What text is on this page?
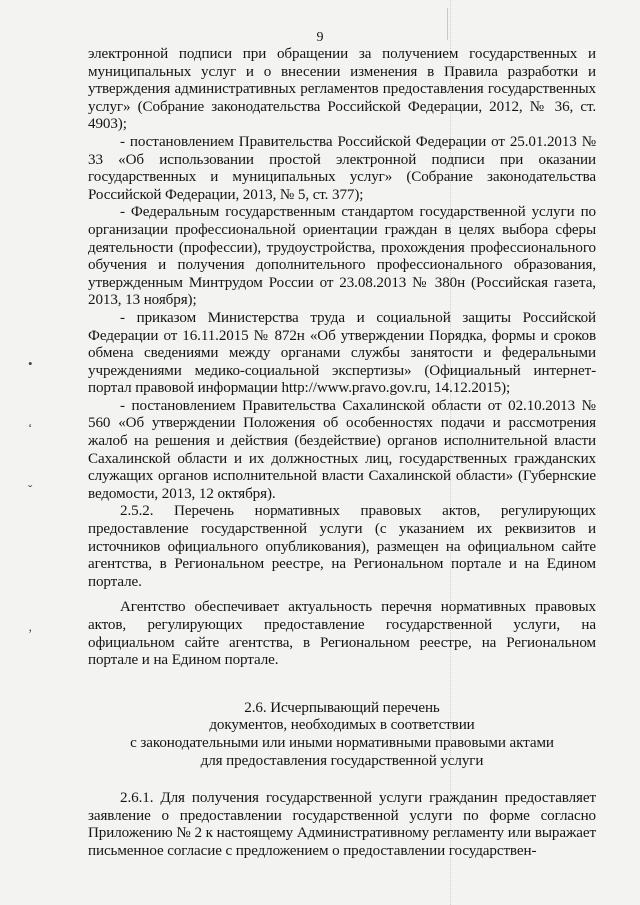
•
ʻ
ˇ
ʼ
9

электронной подписи при обращении за получением государственных и муниципальных услуг и о внесении изменения в Правила разработки и утверждения административных регламентов предоставления государственных услуг» (Собрание законодательства Российской Федерации, 2012, № 36, ст. 4903);

- постановлением Правительства Российской Федерации от 25.01.2013 № 33 «Об использовании простой электронной подписи при оказании государственных и муниципальных услуг» (Собрание законодательства Российской Федерации, 2013, № 5, ст. 377);

- Федеральным государственным стандартом государственной услуги по организации профессиональной ориентации граждан в целях выбора сферы деятельности (профессии), трудоустройства, прохождения профессионального обучения и получения дополнительного профессионального образования, утвержденным Минтрудом России от 23.08.2013 № 380н (Российская газета, 2013, 13 ноября);

- приказом Министерства труда и социальной защиты Российской Федерации от 16.11.2015 № 872н «Об утверждении Порядка, формы и сроков обмена сведениями между органами службы занятости и федеральными учреждениями медико-социальной экспертизы» (Официальный интернет-портал правовой информации http://www.pravo.gov.ru, 14.12.2015);

- постановлением Правительства Сахалинской области от 02.10.2013 № 560 «Об утверждении Положения об особенностях подачи и рассмотрения жалоб на решения и действия (бездействие) органов исполнительной власти Сахалинской области и их должностных лиц, государственных гражданских служащих органов исполнительной власти Сахалинской области» (Губернские ведомости, 2013, 12 октября).

2.5.2. Перечень нормативных правовых актов, регулирующих предоставление государственной услуги (с указанием их реквизитов и источников официального опубликования), размещен на официальном сайте агентства, в Региональном реестре, на Региональном портале и на Едином портале.

Агентство обеспечивает актуальность перечня нормативных правовых актов, регулирующих предоставление государственной услуги, на официальном сайте агентства, в Региональном реестре, на Региональном портале и на Едином портале.

2.6. Исчерпывающий перечень

документов, необходимых в соответствии

с законодательными или иными нормативными правовыми актами

для предоставления государственной услуги

2.6.1. Для получения государственной услуги гражданин предоставляет заявление о предоставлении государственной услуги по форме согласно Приложению № 2 к настоящему Административному регламенту или выражает письменное согласие с предложением о предоставлении государствен-
